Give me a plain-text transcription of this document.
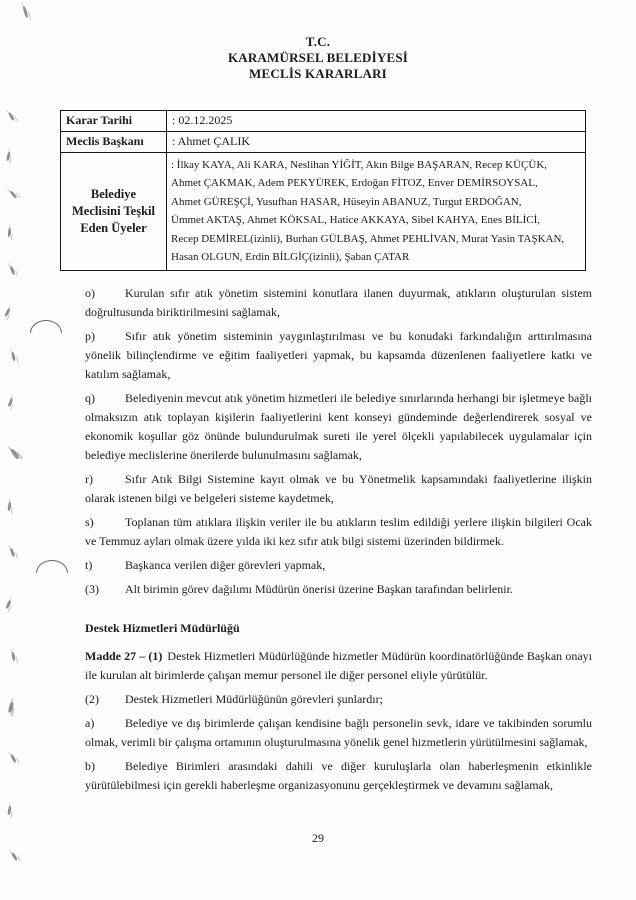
T.C.
KARAMÜRSEL BELEDİYESİ
MECLİS KARARLARI
Karar Tarihi	: 02.12.2025
Meclis Başkanı	: Ahmet ÇALIK
Belediye Meclisini Teşkil Eden Üyeler	
: İlkay KAYA, Ali KARA, Neslihan YİĞİT, Akın Bilge BAŞARAN, Recep KÜÇÜK,
Ahmet ÇAKMAK, Adem PEKYÜREK, Erdoğan FİTOZ, Enver DEMİRSOYSAL,
Ahmet GÜREŞÇİ, Yusufhan HASAR, Hüseyin ABANUZ, Turgut ERDOĞAN,
Ümmet AKTAŞ, Ahmet KÖKSAL, Hatice AKKAYA, Sibel KAHYA, Enes BİLİCİ,
Recep DEMİREL(izinli), Burhan GÜLBAŞ, Ahmet PEHLİVAN, Murat Yasin TAŞKAN,
Hasan OLGUN, Erdin BİLGİÇ(izinli), Şaban ÇATAR

o)	Kurulan sıfır atık yönetim sistemini konutlara ilanen duyurmak, atıkların oluşturulan sistem doğrultusunda biriktirilmesini sağlamak,

p)	Sıfır atık yönetim sisteminin yaygınlaştırılması ve bu konudaki farkındalığın arttırılmasına yönelik bilinçlendirme ve eğitim faaliyetleri yapmak, bu kapsamda düzenlenen faaliyetlere katkı ve katılım sağlamak,

q)	Belediyenin mevcut atık yönetim hizmetleri ile belediye sınırlarında herhangi bir işletmeye bağlı olmaksızın atık toplayan kişilerin faaliyetlerini kent konseyi gündeminde değerlendirerek sosyal ve ekonomik koşullar göz önünde bulundurulmak sureti ile yerel ölçekli yapılabilecek uygulamalar için belediye meclislerine önerilerde bulunulmasını sağlamak,

r)	Sıfır Atık Bilgi Sistemine kayıt olmak ve bu Yönetmelik kapsamındaki faaliyetlerine ilişkin olarak istenen bilgi ve belgeleri sisteme kaydetmek,

s)	Toplanan tüm atıklara ilişkin veriler ile bu atıkların teslim edildiği yerlere ilişkin bilgileri Ocak ve Temmuz ayları olmak üzere yılda iki kez sıfır atık bilgi sistemi üzerinden bildirmek.

t)	Başkanca verilen diğer görevleri yapmak,

(3) Alt birimin görev dağılımı Müdürün önerisi üzerine Başkan tarafından belirlenir.

Destek Hizmetleri Müdürlüğü

Madde 27 – (1) Destek Hizmetleri Müdürlüğünde hizmetler Müdürün koordinatörlüğünde Başkan onayı ile kurulan alt birimlerde çalışan memur personel ile diğer personel eliyle yürütülür.

(2) Destek Hizmetleri Müdürlüğünün görevleri şunlardır;

a)	Belediye ve dış birimlerde çalışan kendisine bağlı personelin sevk, idare ve takibinden sorumlu olmak, verimli bir çalışma ortamının oluşturulmasına yönelik genel hizmetlerin yürütülmesini sağlamak,

b)	Belediye Birimleri arasındaki dahili ve diğer kuruluşlarla olan haberleşmenin etkinlikle yürütülebilmesi için gerekli haberleşme organizasyonunu gerçekleştirmek ve devamını sağlamak,

29
